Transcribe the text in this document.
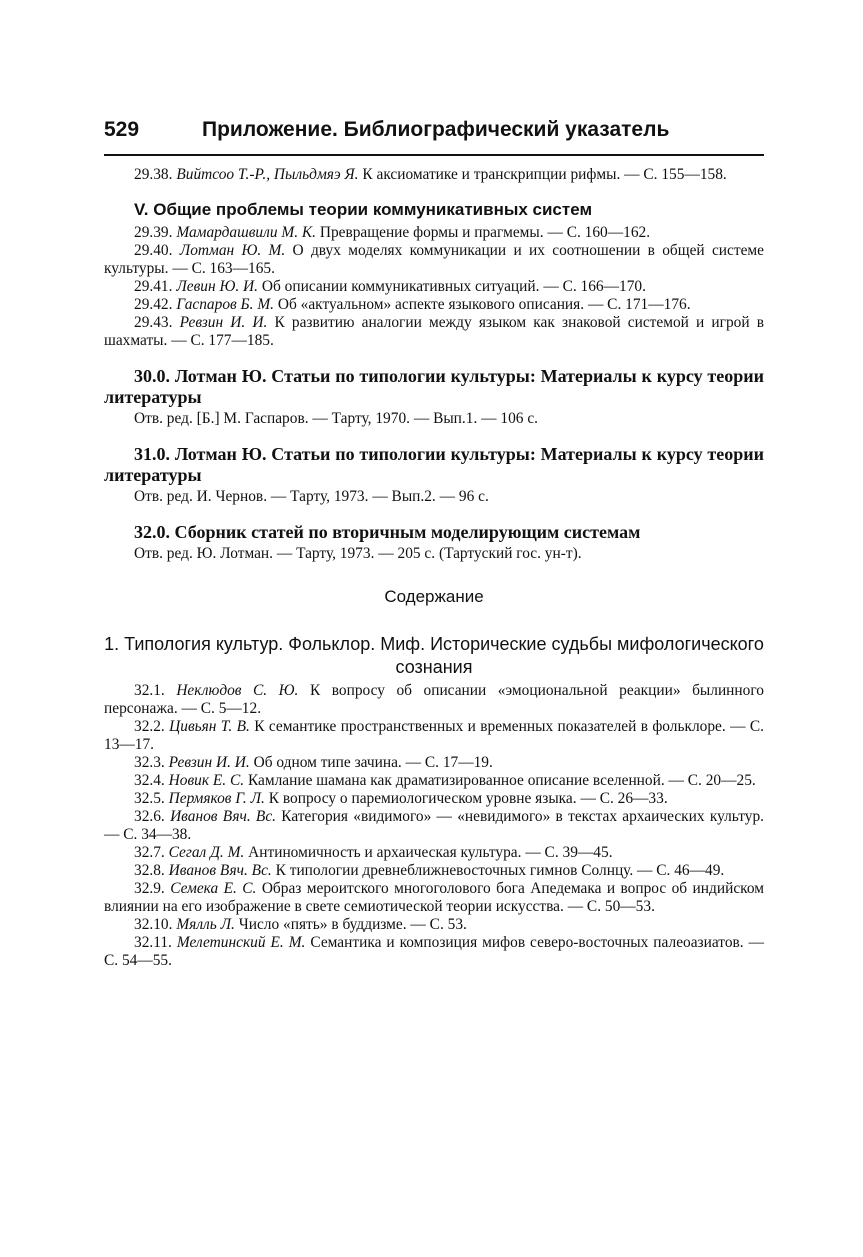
529	Приложение. Библиографический указатель

29.38. Вийтсоо Т.-Р., Пыльдмяэ Я. К аксиоматике и транскрипции рифмы. — С. 155—158.

V. Общие проблемы теории коммуникативных систем

29.39. Мамардашвили М. К. Превращение формы и прагмемы. — С. 160—162.

29.40. Лотман Ю. М. О двух моделях коммуникации и их соотношении в общей системе культуры. — С. 163—165.

29.41. Левин Ю. И. Об описании коммуникативных ситуаций. — С. 166—170.

29.42. Гаспаров Б. М. Об «актуальном» аспекте языкового описания. — С. 171—176.

29.43. Ревзин И. И. К развитию аналогии между языком как знаковой системой и игрой в шахматы. — С. 177—185.

30.0. Лотман Ю. Статьи по типологии культуры: Материалы к курсу теории литературы

Отв. ред. [Б.] М. Гаспаров. — Тарту, 1970. — Вып.1. — 106 с.

31.0. Лотман Ю. Статьи по типологии культуры: Материалы к курсу теории литературы

Отв. ред. И. Чернов. — Тарту, 1973. — Вып.2. — 96 с.

32.0. Сборник статей по вторичным моделирующим системам

Отв. ред. Ю. Лотман. — Тарту, 1973. — 205 с. (Тартуский гос. ун-т).

Содержание
1. Типология культур. Фольклор. Миф. Исторические судьбы мифологического сознания

32.1. Неклюдов С. Ю. К вопросу об описании «эмоциональной реакции» былинного персонажа. — С. 5—12.

32.2. Цивьян Т. В. К семантике пространственных и временных показателей в фольклоре. — С. 13—17.

32.3. Ревзин И. И. Об одном типе зачина. — С. 17—19.

32.4. Новик Е. С. Камлание шамана как драматизированное описание вселенной. — С. 20—25.

32.5. Пермяков Г. Л. К вопросу о паремиологическом уровне языка. — С. 26—33.

32.6. Иванов Вяч. Вс. Категория «видимого» — «невидимого» в текстах архаических культур. — С. 34—38.

32.7. Сегал Д. М. Антиномичность и архаическая культура. — С. 39—45.

32.8. Иванов Вяч. Вс. К типологии древнеближневосточных гимнов Солнцу. — С. 46—49.

32.9. Семека Е. С. Образ мероитского многоголового бога Апедемака и вопрос об индийском влиянии на его изображение в свете семиотической теории искусства. — С. 50—53.

32.10. Мялль Л. Число «пять» в буддизме. — С. 53.

32.11. Мелетинский Е. М. Семантика и композиция мифов северо-восточных палеоазиатов. — С. 54—55.
